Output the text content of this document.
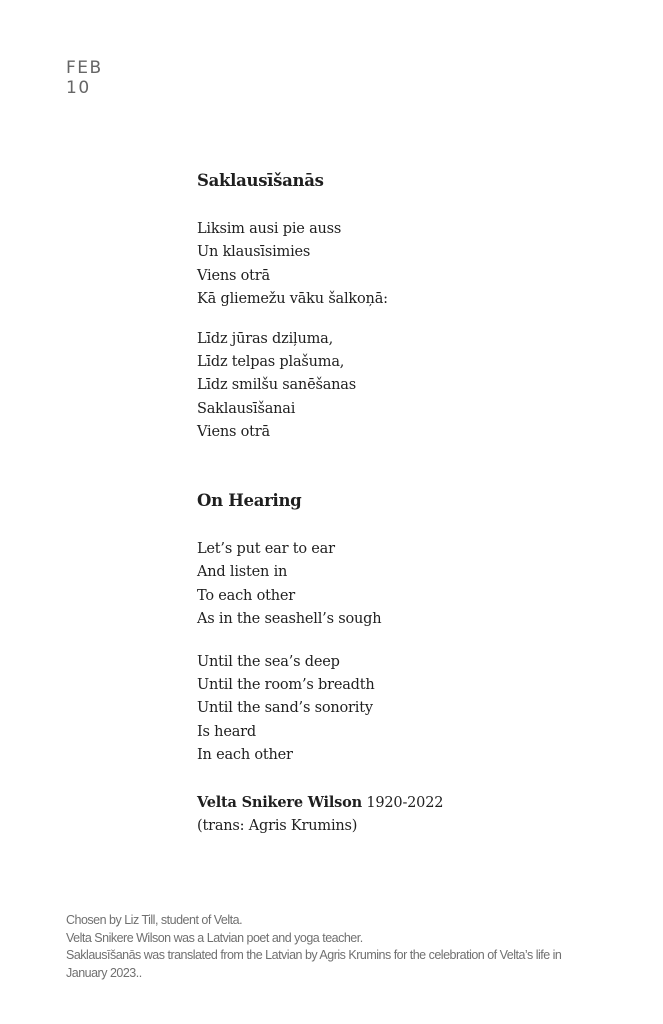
FEB
10
Saklausīšanās
Liksim ausi pie auss
Un klausīsimies
Viens otrā
Kā gliemežu vāku šalkoņā:
Līdz jūras dziļuma,
Līdz telpas plašuma,
Līdz smilšu sanēšanas
Saklausīšanai
Viens otrā
On Hearing
Let’s put ear to ear
And listen in
To each other
As in the seashell’s sough
Until the sea’s deep
Until the room’s breadth
Until the sand’s sonority
Is heard
In each other
Velta Snikere Wilson 1920-2022
(trans: Agris Krumins)

Chosen by Liz Till, student of Velta.

Velta Snikere Wilson was a Latvian poet and yoga teacher.

Saklausīšanās was translated from the Latvian by Agris Krumins for the celebration of Velta’s life in January 2023..
